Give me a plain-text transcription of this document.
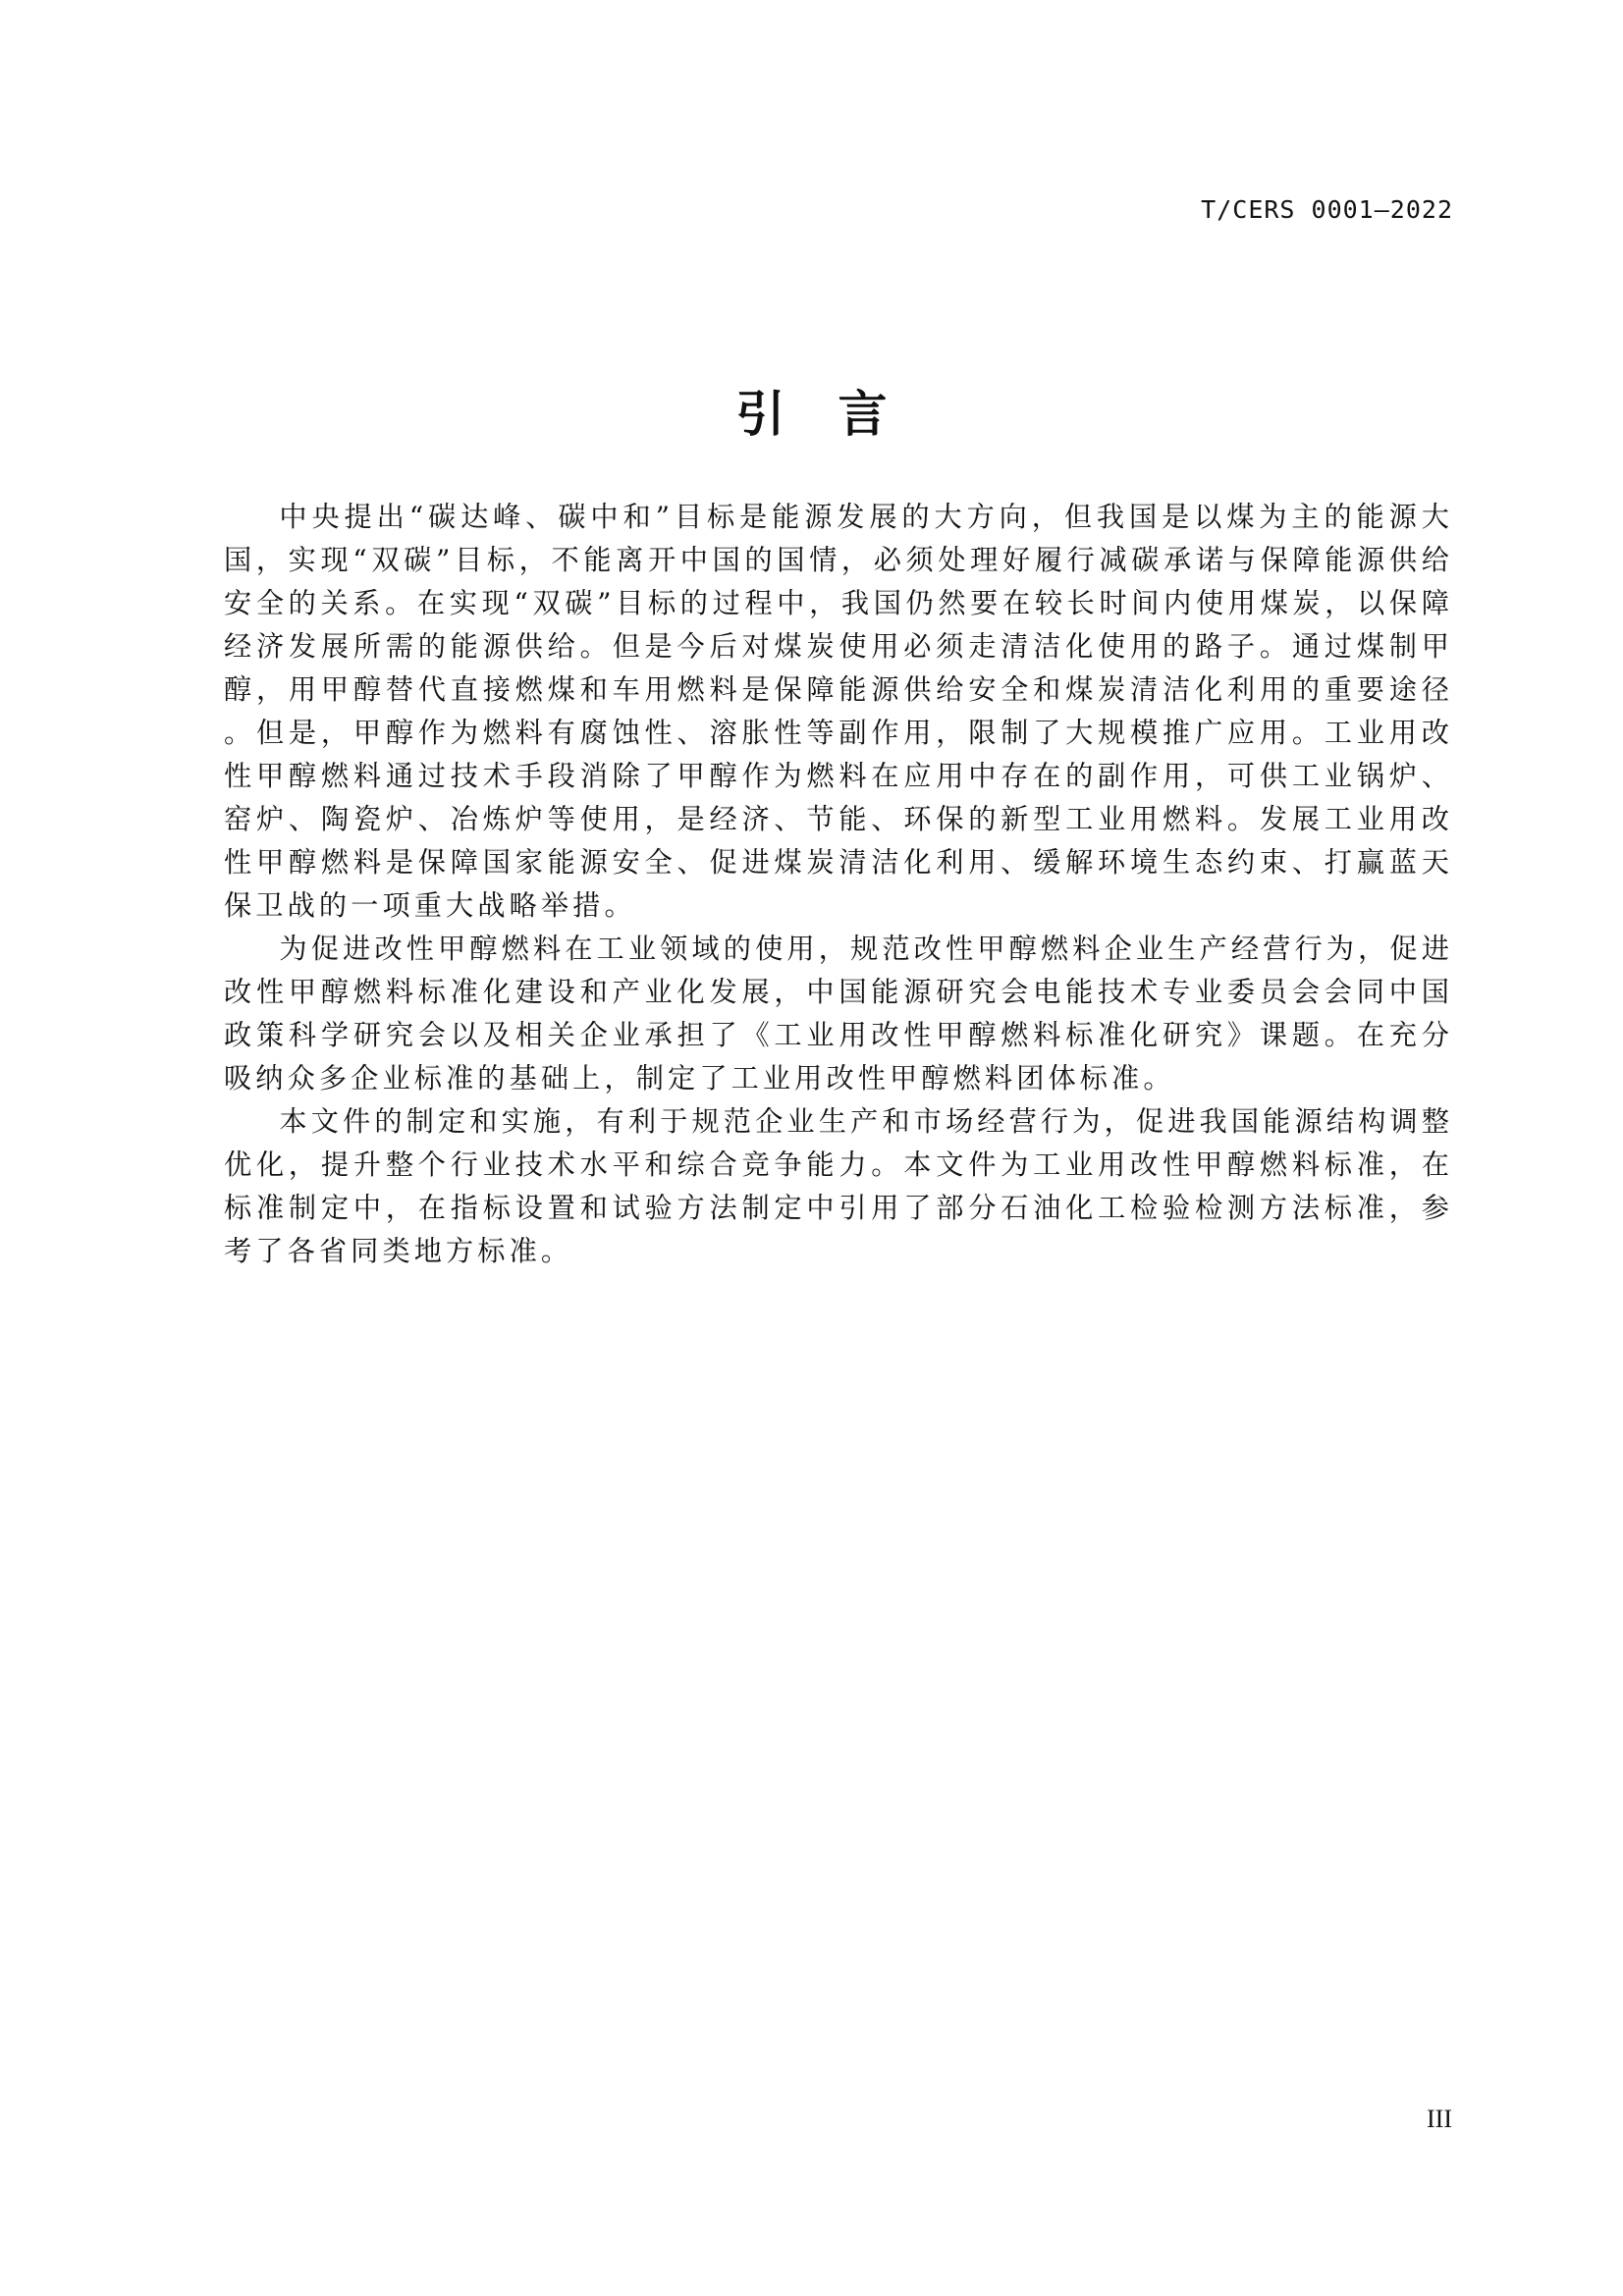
T/CERS 0001—2022
引言

中央提出“碳达峰、碳中和”目标是能源发展的大方向，但我国是以煤为主的能源大国，实现“双碳”目标，不能离开中国的国情，必须处理好履行减碳承诺与保障能源供给安全的关系。在实现“双碳”目标的过程中，我国仍然要在较长时间内使用煤炭，以保障经济发展所需的能源供给。但是今后对煤炭使用必须走清洁化使用的路子。通过煤制甲醇，用甲醇替代直接燃煤和车用燃料是保障能源供给安全和煤炭清洁化利用的重要途径。但是，甲醇作为燃料有腐蚀性、溶胀性等副作用，限制了大规模推广应用。工业用改性甲醇燃料通过技术手段消除了甲醇作为燃料在应用中存在的副作用，可供工业锅炉、窑炉、陶瓷炉、冶炼炉等使用，是经济、节能、环保的新型工业用燃料。发展工业用改性甲醇燃料是保障国家能源安全、促进煤炭清洁化利用、缓解环境生态约束、打赢蓝天保卫战的一项重大战略举措。

为促进改性甲醇燃料在工业领域的使用，规范改性甲醇燃料企业生产经营行为，促进改性甲醇燃料标准化建设和产业化发展，中国能源研究会电能技术专业委员会会同中国政策科学研究会以及相关企业承担了《工业用改性甲醇燃料标准化研究》课题。在充分吸纳众多企业标准的基础上，制定了工业用改性甲醇燃料团体标准。

本文件的制定和实施，有利于规范企业生产和市场经营行为，促进我国能源结构调整优化，提升整个行业技术水平和综合竞争能力。本文件为工业用改性甲醇燃料标准，在标准制定中，在指标设置和试验方法制定中引用了部分石油化工检验检测方法标准，参考了各省同类地方标准。

III
